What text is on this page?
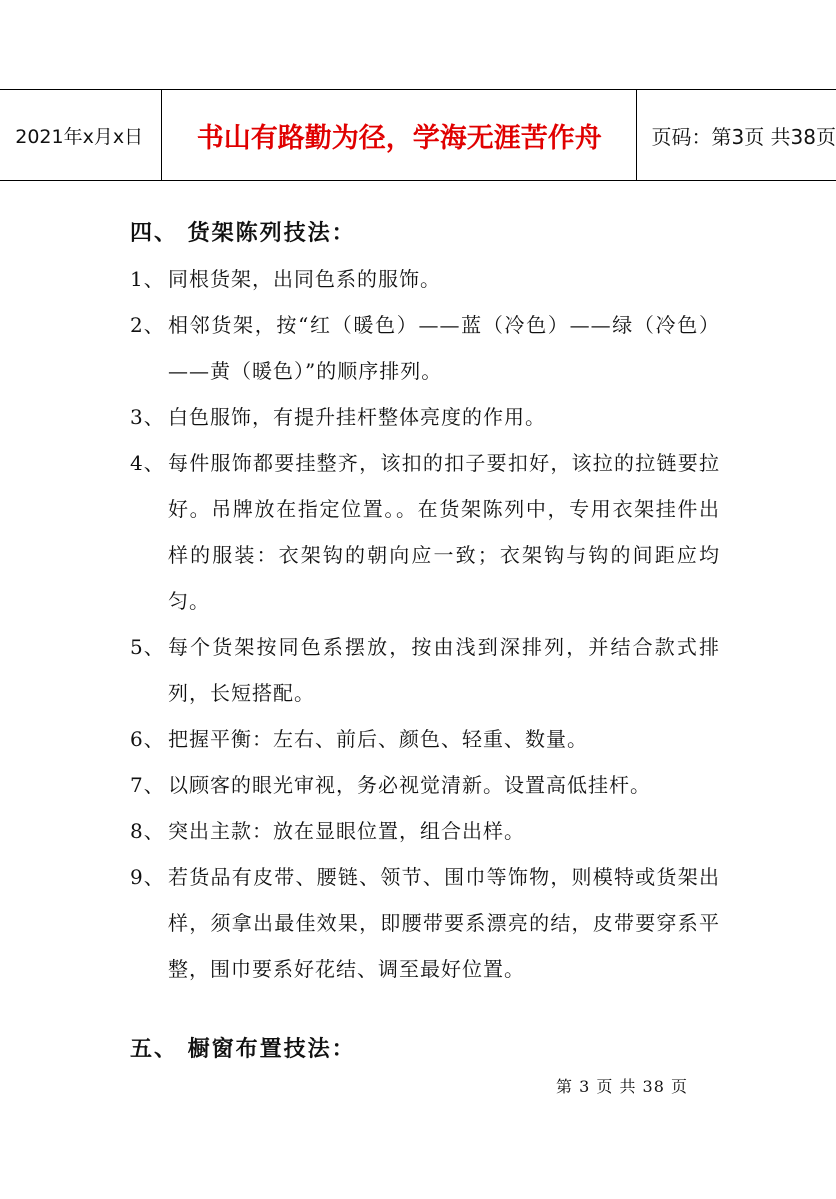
2021年x月x日	书山有路勤为径，学海无涯苦作舟	页码：第3页 共38页
四、 货架陈列技法：
1、 同根货架，出同色系的服饰。
2、 相邻货架，按“红（暖色）——蓝（冷色）——绿（冷色）——黄（暖色）”的顺序排列。
3、 白色服饰，有提升挂杆整体亮度的作用。
4、 每件服饰都要挂整齐，该扣的扣子要扣好，该拉的拉链要拉好。吊牌放在指定位置。。在货架陈列中，专用衣架挂件出样的服装：衣架钩的朝向应一致；衣架钩与钩的间距应均匀。
5、 每个货架按同色系摆放，按由浅到深排列，并结合款式排列，长短搭配。
6、 把握平衡：左右、前后、颜色、轻重、数量。
7、 以顾客的眼光审视，务必视觉清新。设置高低挂杆。
8、 突出主款：放在显眼位置，组合出样。
9、 若货品有皮带、腰链、领节、围巾等饰物，则模特或货架出样，须拿出最佳效果，即腰带要系漂亮的结，皮带要穿系平整，围巾要系好花结、调至最好位置。
五、 橱窗布置技法：
第 3 页 共 38 页
